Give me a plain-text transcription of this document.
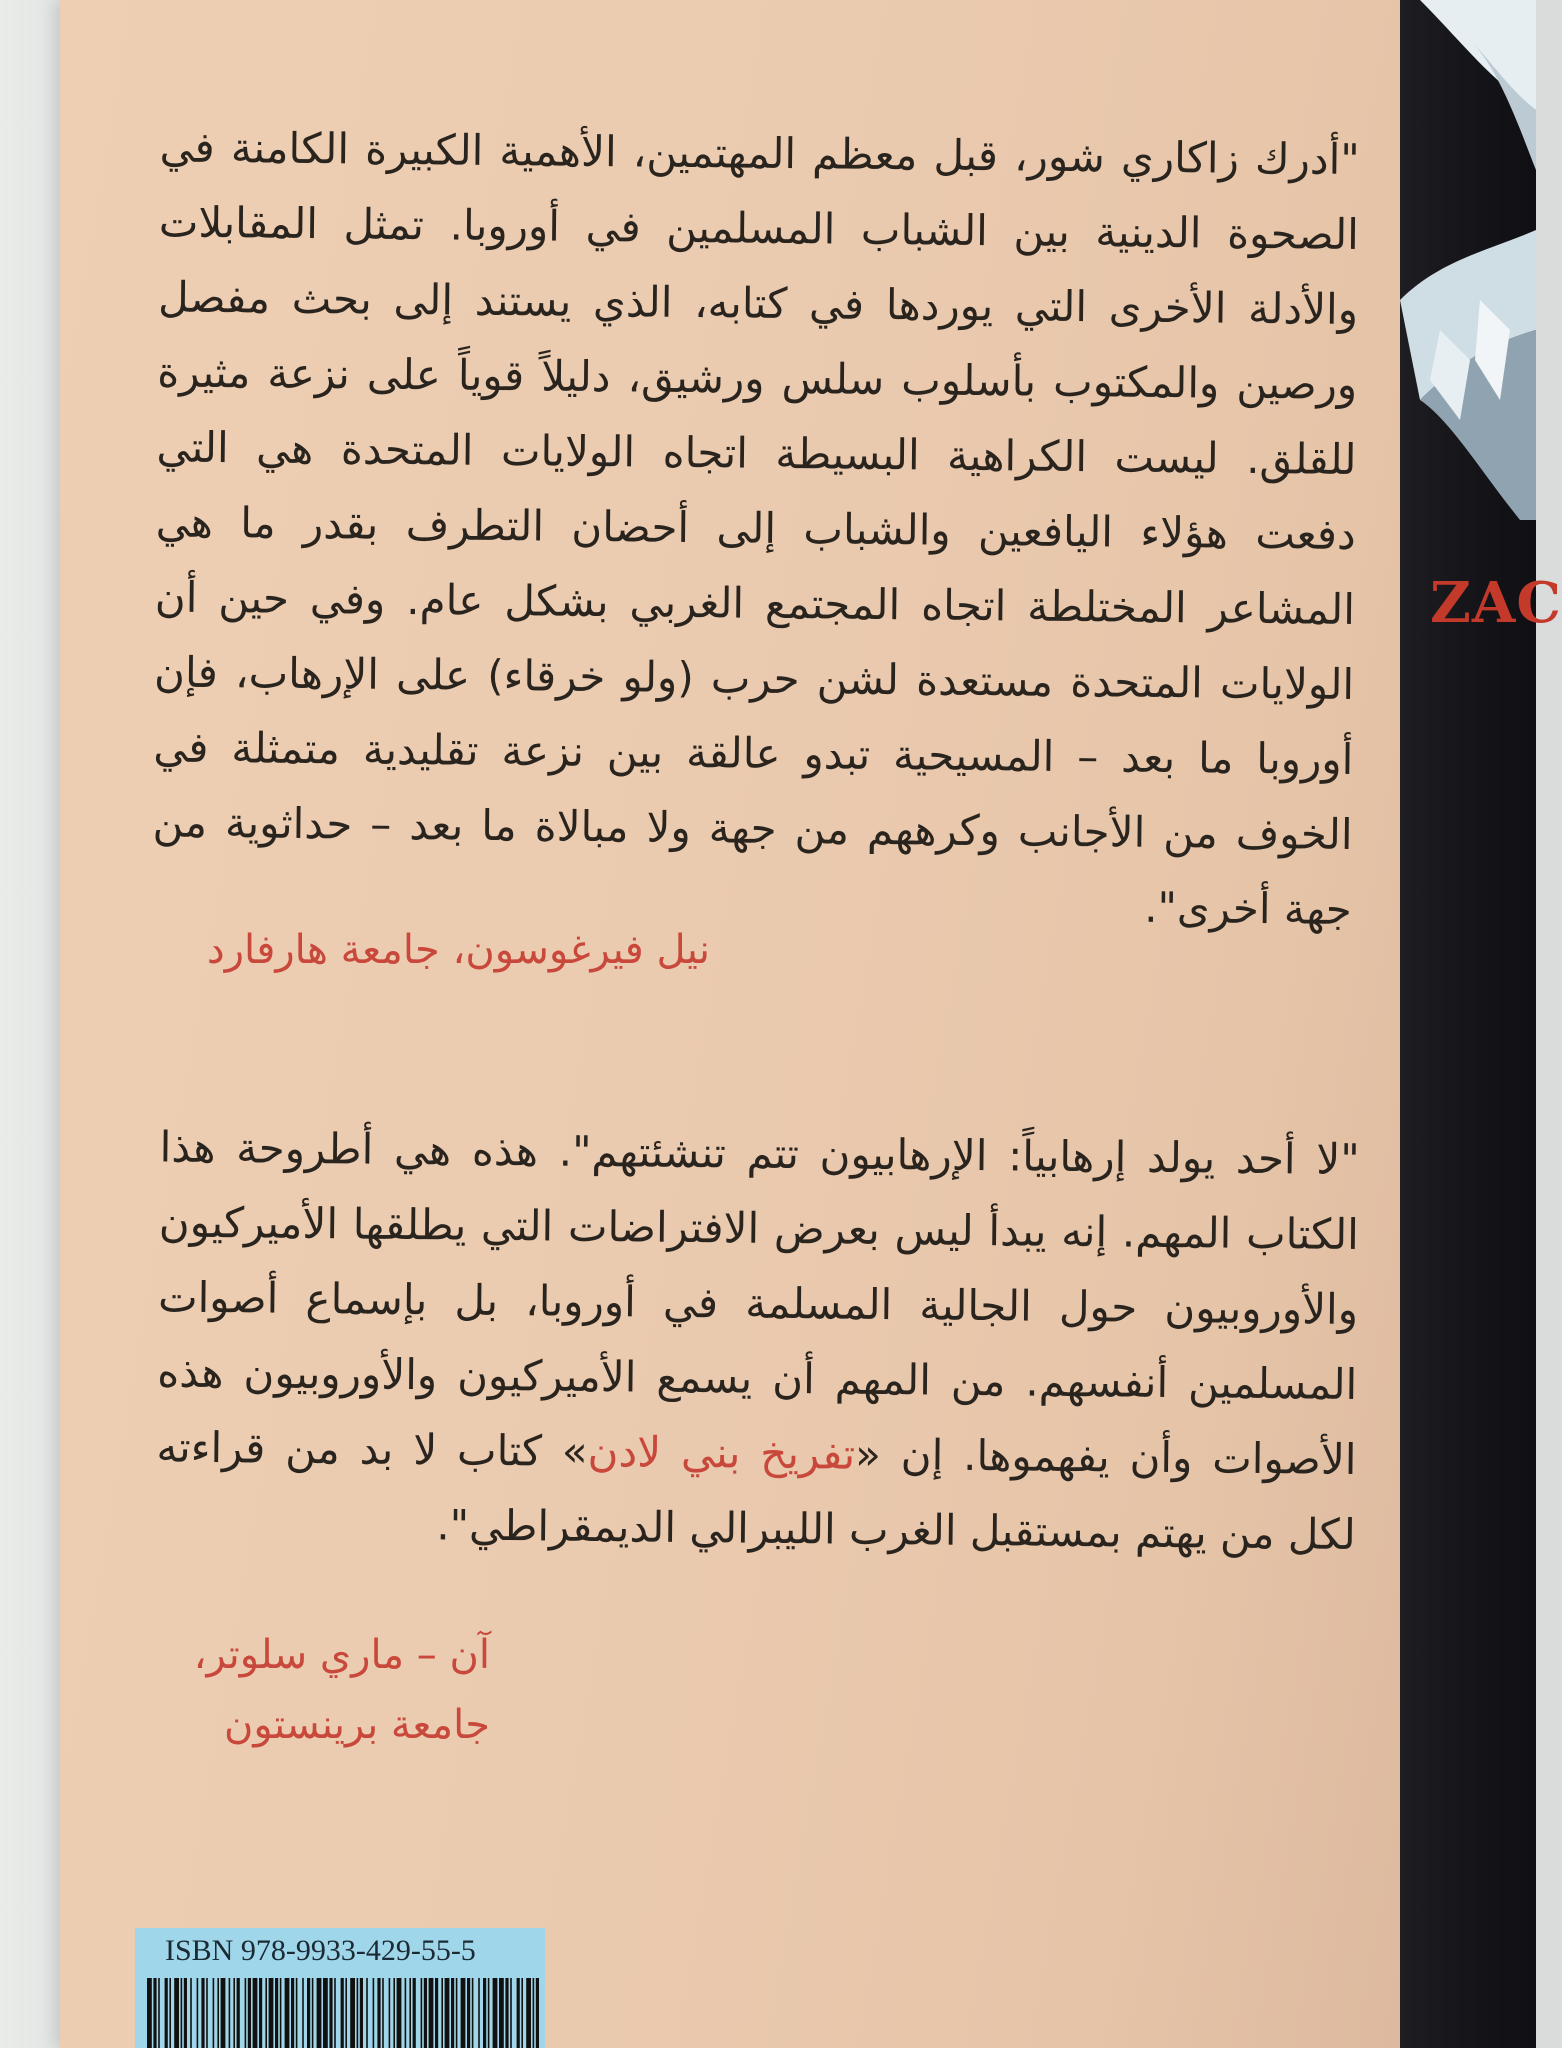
ZAC

"أدرك زاكاري شور، قبل معظم المهتمين، الأهمية الكبيرة الكامنة في الصحوة الدينية بين الشباب المسلمين في أوروبا. تمثل المقابلات والأدلة الأخرى التي يوردها في كتابه، الذي يستند إلى بحث مفصل ورصين والمكتوب بأسلوب سلس ورشيق، دليلاً قوياً على نزعة مثيرة للقلق. ليست الكراهية البسيطة اتجاه الولايات المتحدة هي التي دفعت هؤلاء اليافعين والشباب إلى أحضان التطرف بقدر ما هي المشاعر المختلطة اتجاه المجتمع الغربي بشكل عام. وفي حين أن الولايات المتحدة مستعدة لشن حرب (ولو خرقاء) على الإرهاب، فإن أوروبا ما بعد – المسيحية تبدو عالقة بين نزعة تقليدية متمثلة في الخوف من الأجانب وكرههم من جهة ولا مبالاة ما بعد – حداثوية من جهة أخرى".

نيل فيرغوسون، جامعة هارفارد

"لا أحد يولد إرهابياً: الإرهابيون تتم تنشئتهم". هذه هي أطروحة هذا الكتاب المهم. إنه يبدأ ليس بعرض الافتراضات التي يطلقها الأميركيون والأوروبيون حول الجالية المسلمة في أوروبا، بل بإسماع أصوات المسلمين أنفسهم. من المهم أن يسمع الأميركيون والأوروبيون هذه الأصوات وأن يفهموها. إن «تفريخ بني لادن» كتاب لا بد من قراءته لكل من يهتم بمستقبل الغرب الليبرالي الديمقراطي".

آن – ماري سلوتر،
جامعة برينستون
ISBN 978-9933-429-55-5
